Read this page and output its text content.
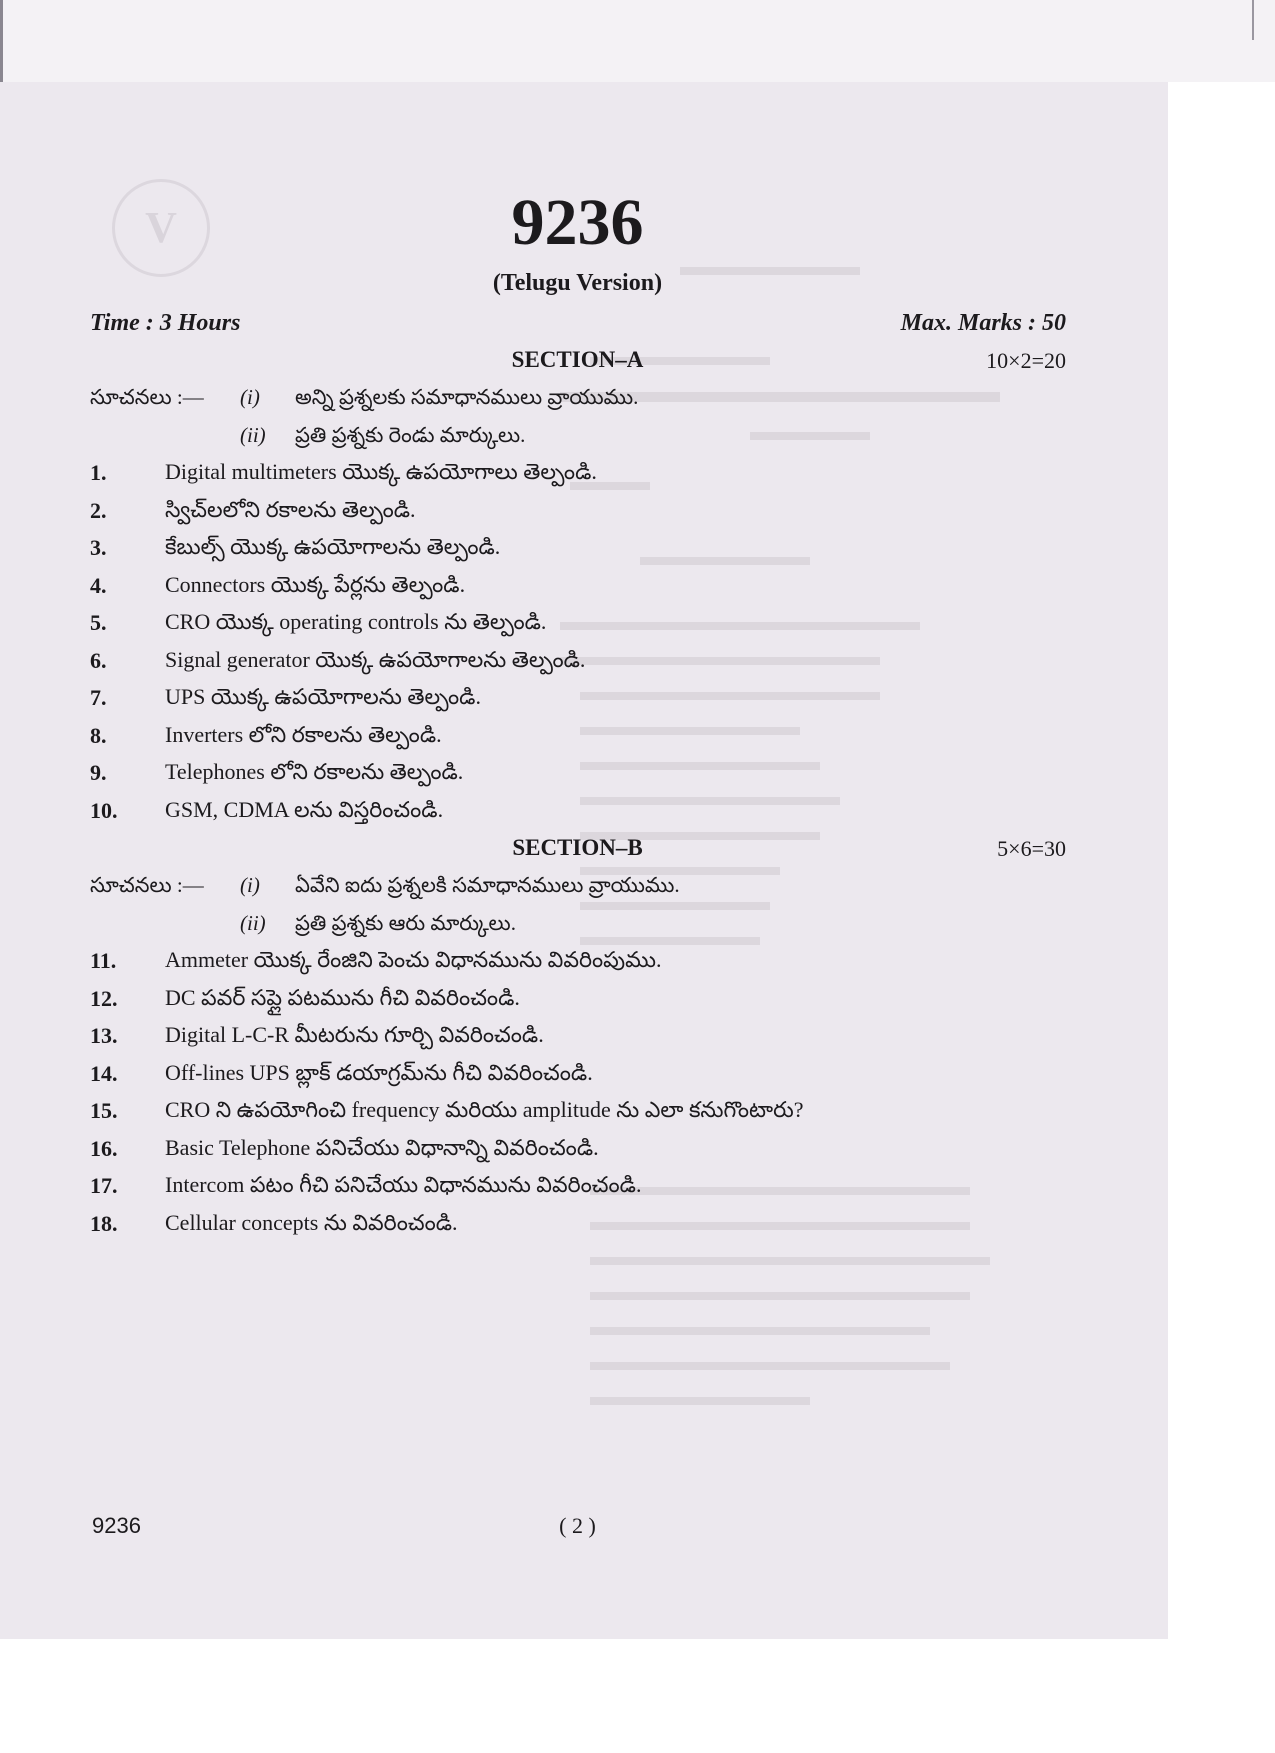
V	9236
(Telugu Version)
Time : 3 Hours	Max. Marks : 50
SECTION–A	10×2=20
సూచనలు :— (i) అన్ని ప్రశ్నలకు సమాధానములు వ్రాయుము.
(ii) ప్రతి ప్రశ్నకు రెండు మార్కులు.
1.	Digital multimeters యొక్క ఉపయోగాలు తెల్పండి.
2.	స్విచ్‌లలోని రకాలను తెల్పండి.
3.	కేబుల్స్ యొక్క ఉపయోగాలను తెల్పండి.
4.	Connectors యొక్క పేర్లను తెల్పండి.
5.	CRO యొక్క operating controls ను తెల్పండి.
6.	Signal generator యొక్క ఉపయోగాలను తెల్పండి.
7.	UPS యొక్క ఉపయోగాలను తెల్పండి.
8.	Inverters లోని రకాలను తెల్పండి.
9.	Telephones లోని రకాలను తెల్పండి.
10. GSM, CDMA లను విస్తరించండి.
SECTION–B	5×6=30
సూచనలు :— (i) ఏవేని ఐదు ప్రశ్నలకి సమాధానములు వ్రాయుము.
(ii) ప్రతి ప్రశ్నకు ఆరు మార్కులు.
11. Ammeter యొక్క రేంజిని పెంచు విధానమును వివరింపుము.
12. DC పవర్ సప్లై పటమును గీచి వివరించండి.
13. Digital L-C-R మీటరును గూర్చి వివరించండి.
14. Off-lines UPS బ్లాక్ డయాగ్రమ్‌ను గీచి వివరించండి.
15. CRO ని ఉపయోగించి frequency మరియు amplitude ను ఎలా కనుగొంటారు?
16. Basic Telephone పనిచేయు విధానాన్ని వివరించండి.
17. Intercom పటం గీచి పనిచేయు విధానమును వివరించండి.
18. Cellular concepts ను వివరించండి.
9236	( 2 )
